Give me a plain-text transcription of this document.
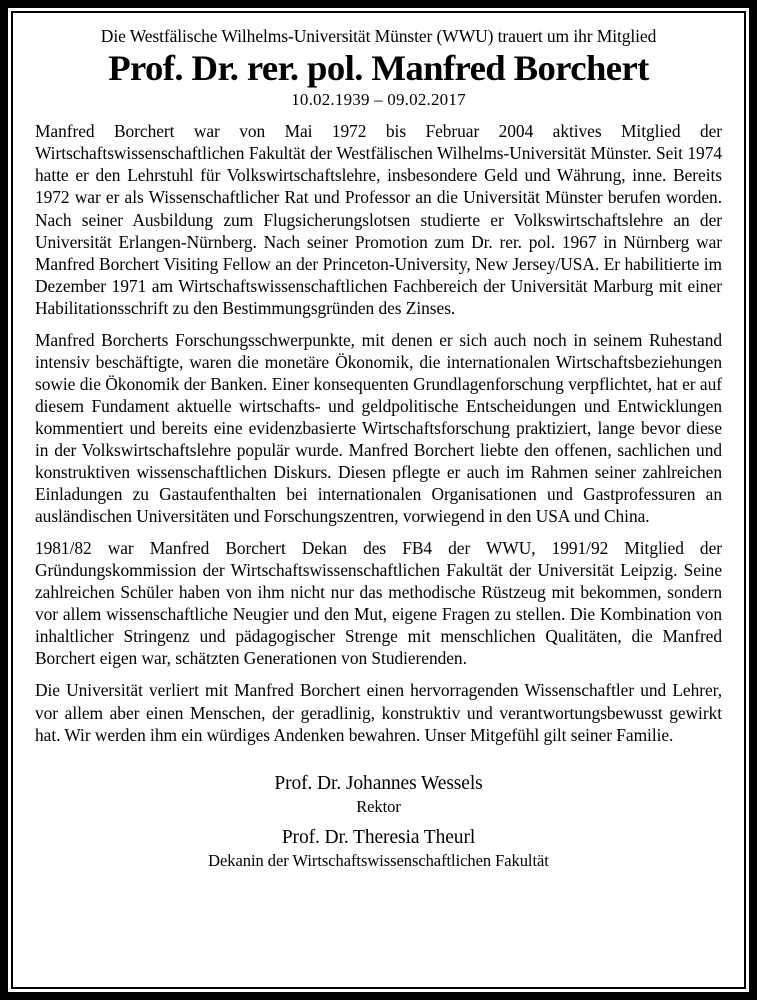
Die Westfälische Wilhelms-Universität Münster (WWU) trauert um ihr Mitglied
Prof. Dr. rer. pol. Manfred Borchert
10.02.1939 – 09.02.2017

Manfred Borchert war von Mai 1972 bis Februar 2004 aktives Mitglied der Wirtschaftswissenschaftlichen Fakultät der Westfälischen Wilhelms-Universität Münster. Seit 1974 hatte er den Lehrstuhl für Volkswirtschaftslehre, insbesondere Geld und Währung, inne. Bereits 1972 war er als Wissenschaftlicher Rat und Professor an die Universität Münster berufen worden. Nach seiner Ausbildung zum Flugsicherungslotsen studierte er Volkswirtschaftslehre an der Universität Erlangen-Nürnberg. Nach seiner Promotion zum Dr. rer. pol. 1967 in Nürnberg war Manfred Borchert Visiting Fellow an der Princeton-University, New Jersey/USA. Er habilitierte im Dezember 1971 am Wirtschaftswissenschaftlichen Fachbereich der Universität Marburg mit einer Habilitationsschrift zu den Bestimmungsgründen des Zinses.

Manfred Borcherts Forschungsschwerpunkte, mit denen er sich auch noch in seinem Ruhestand intensiv beschäftigte, waren die monetäre Ökonomik, die internationalen Wirtschaftsbeziehungen sowie die Ökonomik der Banken. Einer konsequenten Grundlagenforschung verpflichtet, hat er auf diesem Fundament aktuelle wirtschafts- und geldpolitische Entscheidungen und Entwicklungen kommentiert und bereits eine evidenzbasierte Wirtschaftsforschung praktiziert, lange bevor diese in der Volkswirtschaftslehre populär wurde. Manfred Borchert liebte den offenen, sachlichen und konstruktiven wissenschaftlichen Diskurs. Diesen pflegte er auch im Rahmen seiner zahlreichen Einladungen zu Gastaufenthalten bei internationalen Organisationen und Gastprofessuren an ausländischen Universitäten und Forschungszentren, vorwiegend in den USA und China.

1981/82 war Manfred Borchert Dekan des FB4 der WWU, 1991/92 Mitglied der Gründungskommission der Wirtschaftswissenschaftlichen Fakultät der Universität Leipzig. Seine zahlreichen Schüler haben von ihm nicht nur das methodische Rüstzeug mit bekommen, sondern vor allem wissenschaftliche Neugier und den Mut, eigene Fragen zu stellen. Die Kombination von inhaltlicher Stringenz und pädagogischer Strenge mit menschlichen Qualitäten, die Manfred Borchert eigen war, schätzten Generationen von Studierenden.

Die Universität verliert mit Manfred Borchert einen hervorragenden Wissenschaftler und Lehrer, vor allem aber einen Menschen, der geradlinig, konstruktiv und verantwortungsbewusst gewirkt hat. Wir werden ihm ein würdiges Andenken bewahren. Unser Mitgefühl gilt seiner Familie.

Prof. Dr. Johannes Wessels
Rektor
Prof. Dr. Theresia Theurl
Dekanin der Wirtschaftswissenschaftlichen Fakultät
